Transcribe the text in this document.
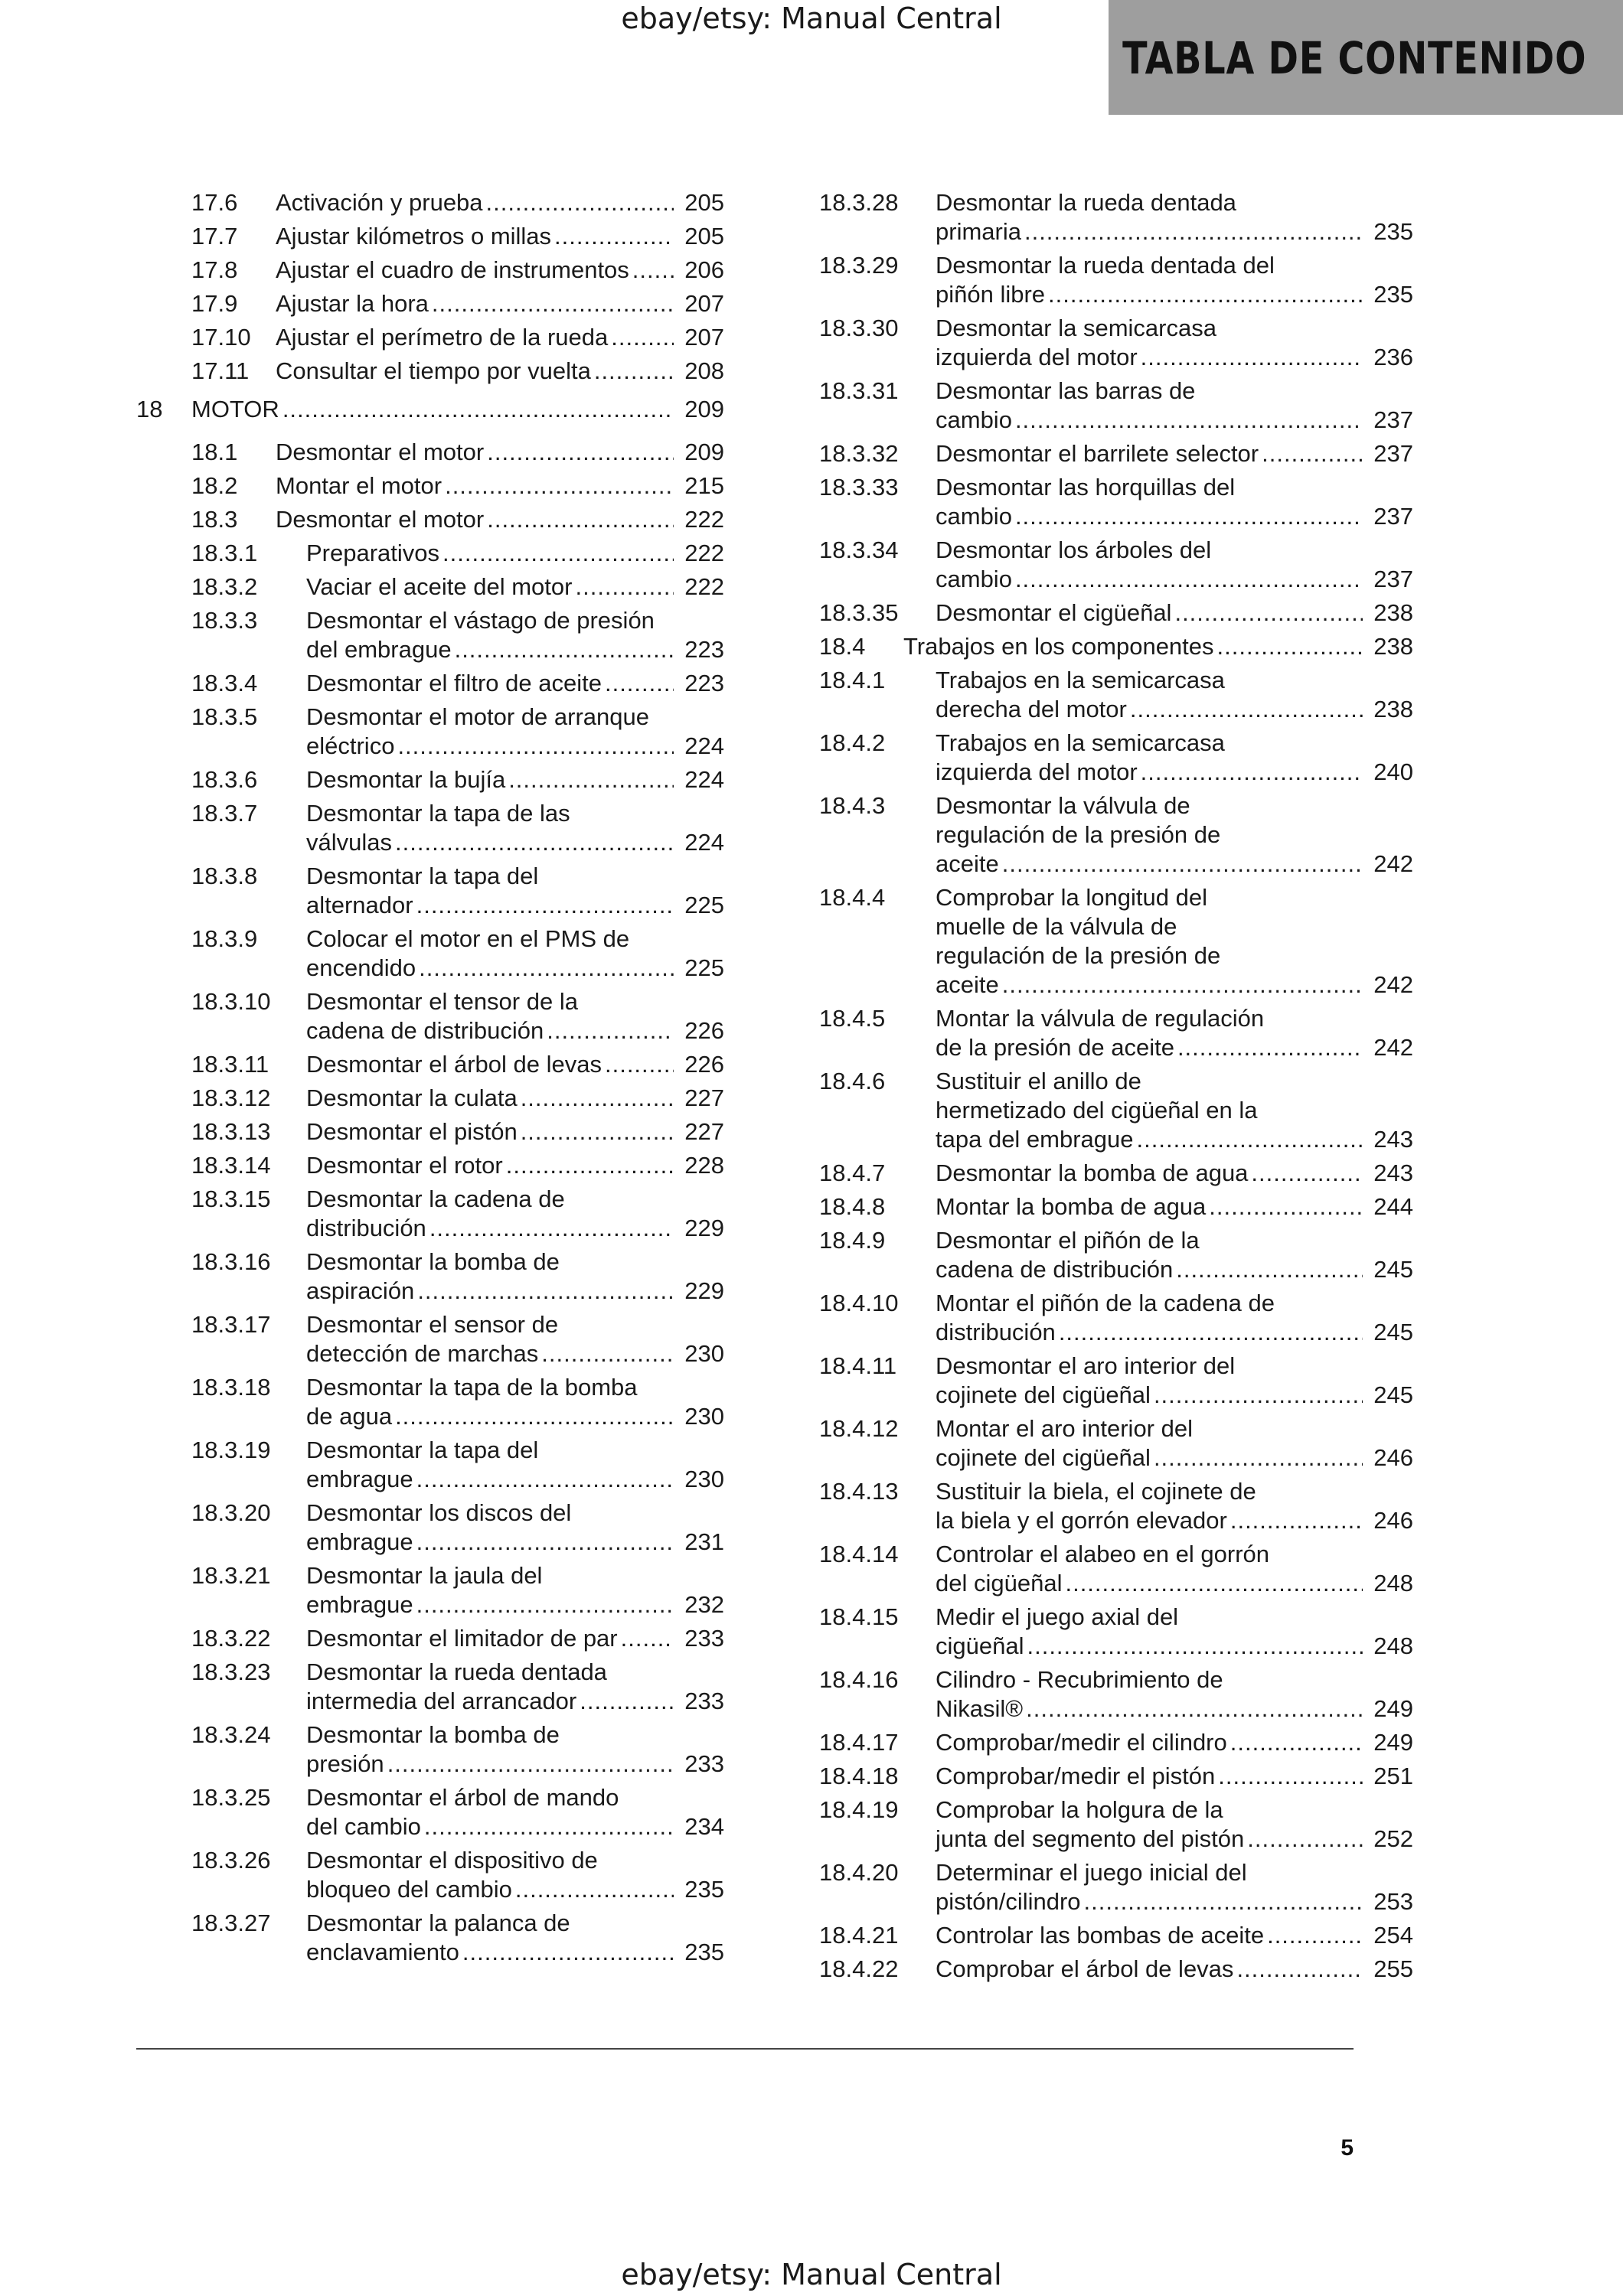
ebay/etsy: Manual Central
TABLA DE CONTENIDO
17.6	Activación y prueba .....	205
17.7	Ajustar kilómetros o millas .....	205
17.8	Ajustar el cuadro de instrumentos ..... 206
17.9	Ajustar la hora .....	207
17.10	Ajustar el perímetro de la rueda .....	207
17.11	Consultar el tiempo por vuelta .....	208
18	MOTOR .....	209
18.1	Desmontar el motor .....	209
18.2	Montar el motor .....	215
18.3	Desmontar el motor .....	222
18.3.1	Preparativos .....	222
18.3.2	Vaciar el aceite del motor .....	222
18.3.3	Desmontar el vástago de presión
del embrague .....	223
18.3.4	Desmontar el filtro de aceite .....	223
18.3.5	Desmontar el motor de arranque
eléctrico .....	224
18.3.6	Desmontar la bujía .....	224
18.3.7	Desmontar la tapa de las
válvulas .....	224
18.3.8	Desmontar la tapa del
alternador .....	225
18.3.9	Colocar el motor en el PMS de
encendido .....	225
18.3.10	Desmontar el tensor de la
cadena de distribución .....	226
18.3.11	Desmontar el árbol de levas .....	226
18.3.12	Desmontar la culata .....	227
18.3.13	Desmontar el pistón .....	227
18.3.14	Desmontar el rotor .....	228
18.3.15	Desmontar la cadena de
distribución .....	229
18.3.16	Desmontar la bomba de
aspiración .....	229
18.3.17	Desmontar el sensor de
detección de marchas .....	230
18.3.18	Desmontar la tapa de la bomba
de agua .....	230
18.3.19	Desmontar la tapa del
embrague .....	230
18.3.20	Desmontar los discos del
embrague .....	231
18.3.21	Desmontar la jaula del
embrague .....	232
18.3.22	Desmontar el limitador de par .....	233
18.3.23	Desmontar la rueda dentada
intermedia del arrancador .....	233
18.3.24	Desmontar la bomba de
presión .....	233
18.3.25	Desmontar el árbol de mando
del cambio .....	234
18.3.26	Desmontar el dispositivo de
bloqueo del cambio .....	235
18.3.27	Desmontar la palanca de
enclavamiento .....	235
18.3.28	Desmontar la rueda dentada
primaria .....	235
18.3.29	Desmontar la rueda dentada del
piñón libre .....	235
18.3.30	Desmontar la semicarcasa
izquierda del motor .....	236
18.3.31	Desmontar las barras de
cambio .....	237
18.3.32	Desmontar el barrilete selector .....	237
18.3.33	Desmontar las horquillas del
cambio .....	237
18.3.34	Desmontar los árboles del
cambio .....	237
18.3.35	Desmontar el cigüeñal .....	238
18.4	Trabajos en los componentes .....	238
18.4.1	Trabajos en la semicarcasa
derecha del motor .....	238
18.4.2	Trabajos en la semicarcasa
izquierda del motor .....	240
18.4.3	Desmontar la válvula de
regulación de la presión de
aceite .....	242
18.4.4	Comprobar la longitud del
muelle de la válvula de
regulación de la presión de
aceite .....	242
18.4.5	Montar la válvula de regulación
de la presión de aceite .....	242
18.4.6	Sustituir el anillo de
hermetizado del cigüeñal en la
tapa del embrague .....	243
18.4.7	Desmontar la bomba de agua .....	243
18.4.8	Montar la bomba de agua .....	244
18.4.9	Desmontar el piñón de la
cadena de distribución .....	245
18.4.10	Montar el piñón de la cadena de
distribución .....	245
18.4.11	Desmontar el aro interior del
cojinete del cigüeñal .....	245
18.4.12	Montar el aro interior del
cojinete del cigüeñal .....	246
18.4.13	Sustituir la biela, el cojinete de
la biela y el gorrón elevador .....	246
18.4.14	Controlar el alabeo en el gorrón
del cigüeñal .....	248
18.4.15	Medir el juego axial del
cigüeñal .....	248
18.4.16	Cilindro - Recubrimiento de
Nikasil® .....	249
18.4.17	Comprobar/medir el cilindro .....	249
18.4.18	Comprobar/medir el pistón .....	251
18.4.19	Comprobar la holgura de la
junta del segmento del pistón .....	252
18.4.20	Determinar el juego inicial del
pistón/cilindro .....	253
18.4.21	Controlar las bombas de aceite .....	254
18.4.22	Comprobar el árbol de levas .....	255
5
ebay/etsy: Manual Central
